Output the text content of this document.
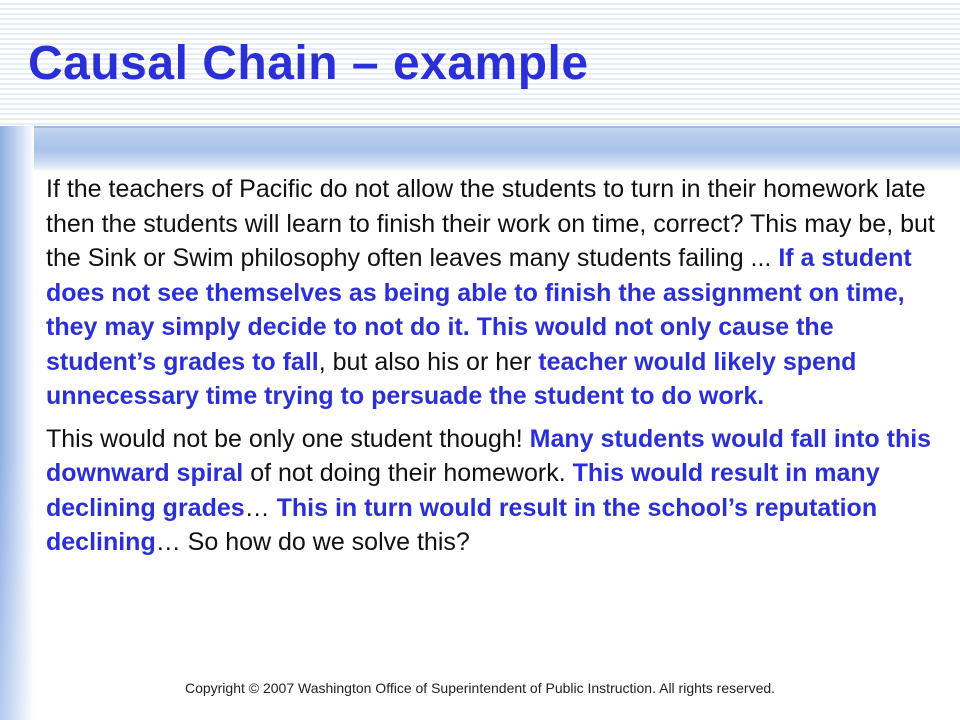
Causal Chain – example

If the teachers of Pacific do not allow the students to turn in their homework late then the students will learn to finish their work on time, correct? This may be, but the Sink or Swim philosophy often leaves many students failing ... If a student does not see themselves as being able to finish the assignment on time, they may simply decide to not do it. This would not only cause the student’s grades to fall, but also his or her teacher would likely spend unnecessary time trying to persuade the student to do work.

This would not be only one student though! Many students would fall into this downward spiral of not doing their homework. This would result in many declining grades… This in turn would result in the school’s reputation declining… So how do we solve this?

Copyright © 2007 Washington Office of Superintendent of Public Instruction. All rights reserved.
